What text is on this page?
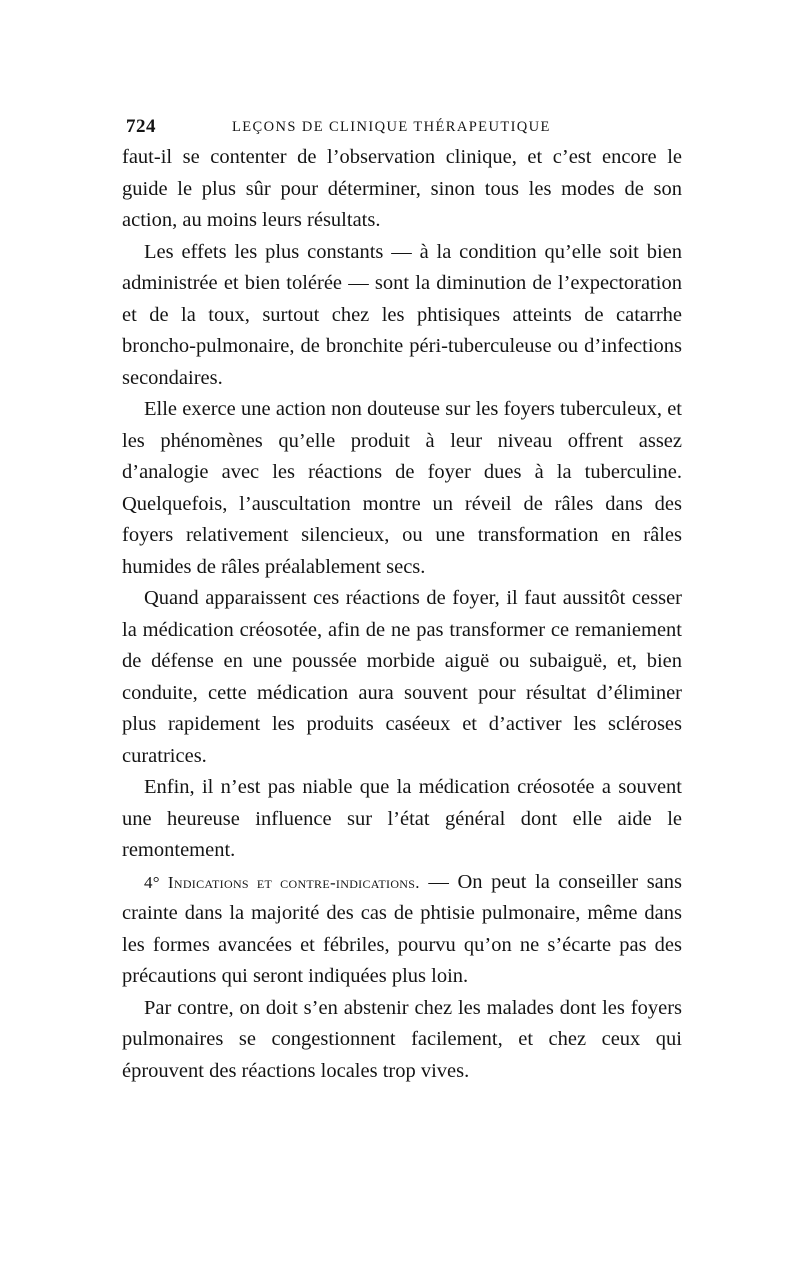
724	LEÇONS DE CLINIQUE THÉRAPEUTIQUE

faut-il se contenter de l’observation clinique, et c’est encore le guide le plus sûr pour déterminer, sinon tous les modes de son action, au moins leurs résultats.

Les effets les plus constants — à la condition qu’elle soit bien administrée et bien tolérée — sont la diminution de l’expectoration et de la toux, surtout chez les phtisiques atteints de catarrhe broncho-pulmonaire, de bronchite péri-tuberculeuse ou d’infections secondaires.

Elle exerce une action non douteuse sur les foyers tuberculeux, et les phénomènes qu’elle produit à leur niveau offrent assez d’analogie avec les réactions de foyer dues à la tuberculine. Quelquefois, l’auscultation montre un réveil de râles dans des foyers relativement silencieux, ou une transformation en râles humides de râles préalablement secs.

Quand apparaissent ces réactions de foyer, il faut aussitôt cesser la médication créosotée, afin de ne pas transformer ce remaniement de défense en une poussée morbide aiguë ou subaiguë, et, bien conduite, cette médication aura souvent pour résultat d’éliminer plus rapidement les produits caséeux et d’activer les scléroses curatrices.

Enfin, il n’est pas niable que la médication créosotée a souvent une heureuse influence sur l’état général dont elle aide le remontement.

4° Indications et contre-indications. — On peut la conseiller sans crainte dans la majorité des cas de phtisie pulmonaire, même dans les formes avancées et fébriles, pourvu qu’on ne s’écarte pas des précautions qui seront indiquées plus loin.

Par contre, on doit s’en abstenir chez les malades dont les foyers pulmonaires se congestionnent facilement, et chez ceux qui éprouvent des réactions locales trop vives.
